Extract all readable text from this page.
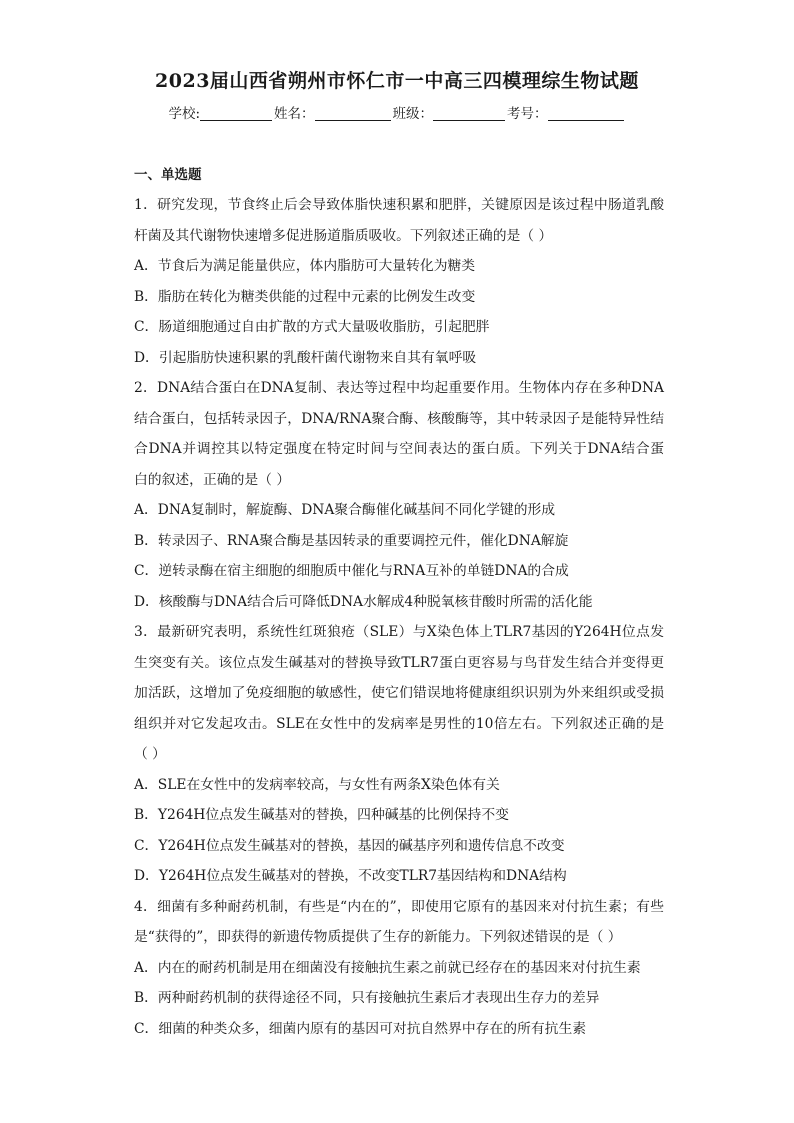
2023届山西省朔州市怀仁市一中高三四模理综生物试题
学校:	姓名：	班级：	考号：
一、单选题
1．研究发现，节食终止后会导致体脂快速积累和肥胖，关键原因是该过程中肠道乳酸
杆菌及其代谢物快速增多促进肠道脂质吸收。下列叙述正确的是（ ）
A．节食后为满足能量供应，体内脂肪可大量转化为糖类
B．脂肪在转化为糖类供能的过程中元素的比例发生改变
C．肠道细胞通过自由扩散的方式大量吸收脂肪，引起肥胖
D．引起脂肪快速积累的乳酸杆菌代谢物来自其有氧呼吸
2．DNA结合蛋白在DNA复制、表达等过程中均起重要作用。生物体内存在多种DNA
结合蛋白，包括转录因子，DNA/RNA聚合酶、核酸酶等，其中转录因子是能特异性结
合DNA并调控其以特定强度在特定时间与空间表达的蛋白质。下列关于DNA结合蛋
白的叙述，正确的是（ ）
A．DNA复制时，解旋酶、DNA聚合酶催化碱基间不同化学键的形成
B．转录因子、RNA聚合酶是基因转录的重要调控元件，催化DNA解旋
C．逆转录酶在宿主细胞的细胞质中催化与RNA互补的单链DNA的合成
D．核酸酶与DNA结合后可降低DNA水解成4种脱氧核苷酸时所需的活化能
3．最新研究表明，系统性红斑狼疮（SLE）与X染色体上TLR7基因的Y264H位点发
生突变有关。该位点发生碱基对的替换导致TLR7蛋白更容易与鸟苷发生结合并变得更
加活跃，这增加了免疫细胞的敏感性，使它们错误地将健康组织识别为外来组织或受损
组织并对它发起攻击。SLE在女性中的发病率是男性的10倍左右。下列叙述正确的是
（ ）
A．SLE在女性中的发病率较高，与女性有两条X染色体有关
B．Y264H位点发生碱基对的替换，四种碱基的比例保持不变
C．Y264H位点发生碱基对的替换，基因的碱基序列和遗传信息不改变
D．Y264H位点发生碱基对的替换，不改变TLR7基因结构和DNA结构
4．细菌有多种耐药机制，有些是“内在的”，即使用它原有的基因来对付抗生素；有些
是“获得的”，即获得的新遗传物质提供了生存的新能力。下列叙述错误的是（ ）
A．内在的耐药机制是用在细菌没有接触抗生素之前就已经存在的基因来对付抗生素
B．两种耐药机制的获得途径不同，只有接触抗生素后才表现出生存力的差异
C．细菌的种类众多，细菌内原有的基因可对抗自然界中存在的所有抗生素
